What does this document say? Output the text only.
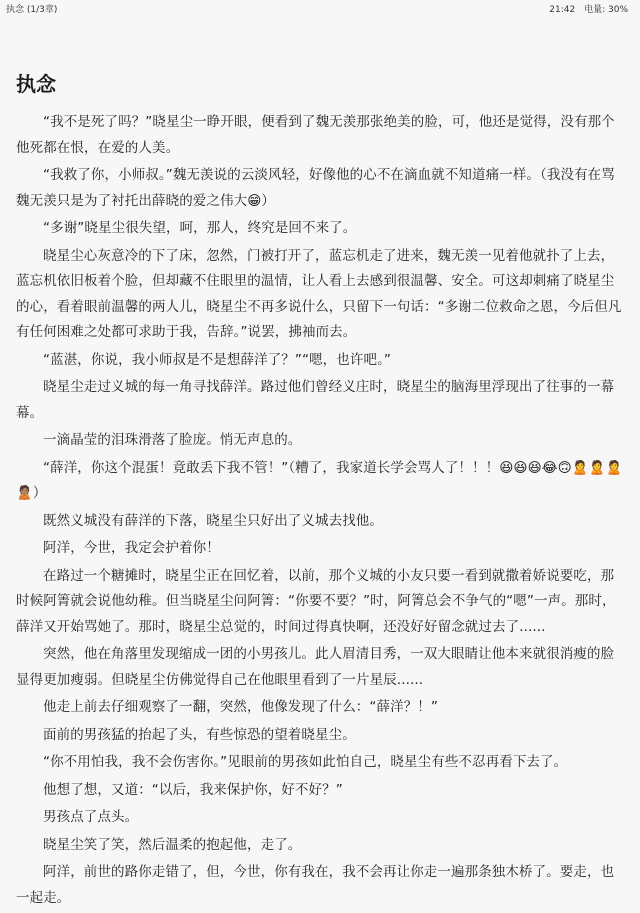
执念 (1/3章)	21:42 电量: 30%
执念

“我不是死了吗？”晓星尘一睁开眼，便看到了魏无羡那张绝美的脸，可，他还是觉得，没有那个他死都在恨，在爱的人美。

“我救了你，小师叔。”魏无羡说的云淡风轻，好像他的心不在滴血就不知道痛一样。（我没有在骂魏无羡只是为了衬托出薛晓的爱之伟大😁）

“多谢”晓星尘很失望，呵，那人，终究是回不来了。

晓星尘心灰意冷的下了床，忽然，门被打开了，蓝忘机走了进来，魏无羡一见着他就扑了上去，蓝忘机依旧板着个脸，但却藏不住眼里的温情，让人看上去感到很温馨、安全。可这却刺痛了晓星尘的心，看着眼前温馨的两人儿，晓星尘不再多说什么，只留下一句话：“多谢二位救命之恩，今后但凡有任何困难之处都可求助于我，告辞。”说罢，拂袖而去。

“蓝湛，你说，我小师叔是不是想薛洋了？”“嗯，也许吧。”

晓星尘走过义城的每一角寻找薛洋。路过他们曾经义庄时，晓星尘的脑海里浮现出了往事的一幕幕。

一滴晶莹的泪珠滑落了脸庞。悄无声息的。

“薛洋，你这个混蛋！竟敢丢下我不管！”（糟了，我家道长学会骂人了！！！😆😆😆😂🙃🙎🙎🙎🙎🏽）

既然义城没有薛洋的下落，晓星尘只好出了义城去找他。

阿洋，今世，我定会护着你！

在路过一个糖摊时，晓星尘正在回忆着，以前，那个义城的小友只要一看到就撒着娇说要吃，那时候阿箐就会说他幼稚。但当晓星尘问阿箐：“你要不要？”时，阿箐总会不争气的“嗯”一声。那时，薛洋又开始骂她了。那时，晓星尘总觉的，时间过得真快啊，还没好好留念就过去了......

突然，他在角落里发现缩成一团的小男孩儿。此人眉清目秀，一双大眼睛让他本来就很消瘦的脸显得更加瘦弱。但晓星尘仿佛觉得自己在他眼里看到了一片星辰......

他走上前去仔细观察了一翻，突然，他像发现了什么：“薛洋？！”

面前的男孩猛的抬起了头，有些惊恐的望着晓星尘。

“你不用怕我，我不会伤害你。”见眼前的男孩如此怕自己，晓星尘有些不忍再看下去了。

他想了想，又道：“以后，我来保护你，好不好？”

男孩点了点头。

晓星尘笑了笑，然后温柔的抱起他，走了。

阿洋，前世的路你走错了，但，今世，你有我在，我不会再让你走一遍那条独木桥了。要走，也一起走。
